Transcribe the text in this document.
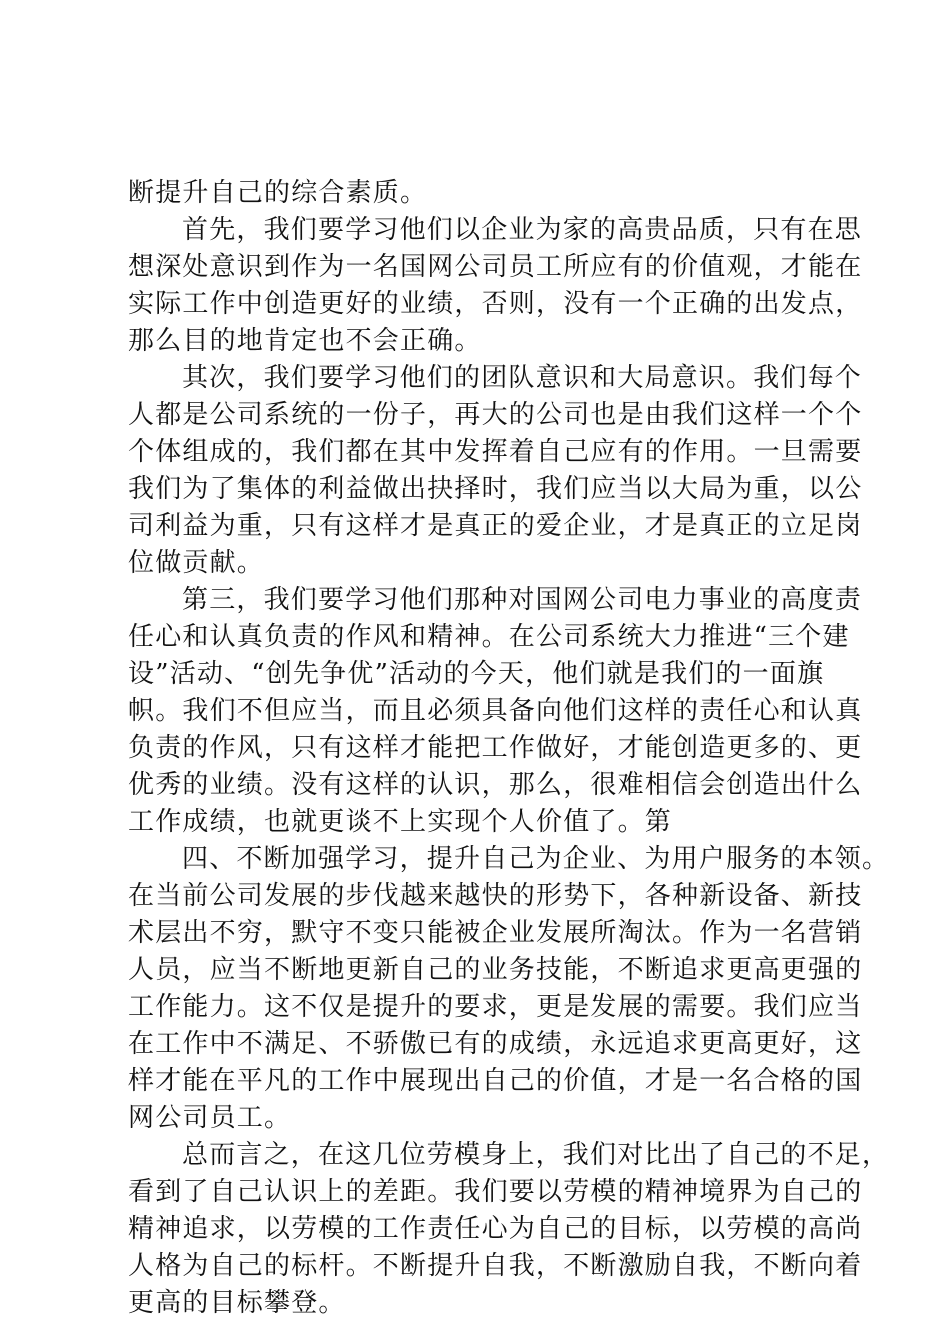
断提升自己的综合素质。
首先，我们要学习他们以企业为家的高贵品质，只有在思
想深处意识到作为一名国网公司员工所应有的价值观，才能在
实际工作中创造更好的业绩，否则，没有一个正确的出发点，
那么目的地肯定也不会正确。
其次，我们要学习他们的团队意识和大局意识。我们每个
人都是公司系统的一份子，再大的公司也是由我们这样一个个
个体组成的，我们都在其中发挥着自己应有的作用。一旦需要
我们为了集体的利益做出抉择时，我们应当以大局为重，以公
司利益为重，只有这样才是真正的爱企业，才是真正的立足岗
位做贡献。
第三，我们要学习他们那种对国网公司电力事业的高度责
任心和认真负责的作风和精神。在公司系统大力推进“三个建
设”活动、“创先争优”活动的今天，他们就是我们的一面旗
帜。我们不但应当，而且必须具备向他们这样的责任心和认真
负责的作风，只有这样才能把工作做好，才能创造更多的、更
优秀的业绩。没有这样的认识，那么，很难相信会创造出什么
工作成绩，也就更谈不上实现个人价值了。第
四、不断加强学习，提升自己为企业、为用户服务的本领。
在当前公司发展的步伐越来越快的形势下，各种新设备、新技
术层出不穷，默守不变只能被企业发展所淘汰。作为一名营销
人员，应当不断地更新自己的业务技能，不断追求更高更强的
工作能力。这不仅是提升的要求，更是发展的需要。我们应当
在工作中不满足、不骄傲已有的成绩，永远追求更高更好，这
样才能在平凡的工作中展现出自己的价值，才是一名合格的国
网公司员工。
总而言之，在这几位劳模身上，我们对比出了自己的不足，
看到了自己认识上的差距。我们要以劳模的精神境界为自己的
精神追求，以劳模的工作责任心为自己的目标，以劳模的高尚
人格为自己的标杆。不断提升自我，不断激励自我，不断向着
更高的目标攀登。
